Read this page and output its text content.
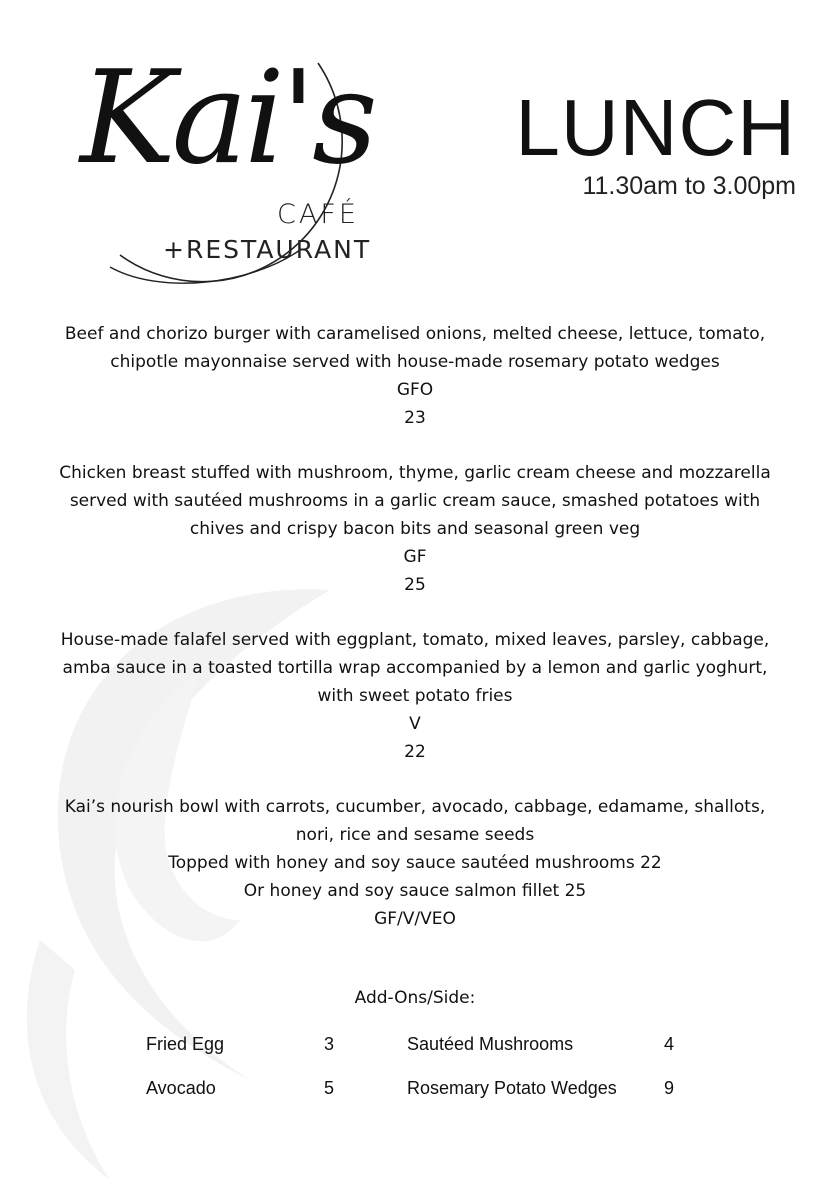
Kai's
CAFÉ
+RESTAURANT
LUNCH
11.30am to 3.00pm
Beef and chorizo burger with caramelised onions, melted cheese, lettuce, tomato,
chipotle mayonnaise served with house-made rosemary potato wedges
GFO
23
Chicken breast stuffed with mushroom, thyme, garlic cream cheese and mozzarella
served with sautéed mushrooms in a garlic cream sauce, smashed potatoes with
chives and crispy bacon bits and seasonal green veg
GF
25
House-made falafel served with eggplant, tomato, mixed leaves, parsley, cabbage,
amba sauce in a toasted tortilla wrap accompanied by a lemon and garlic yoghurt,
with sweet potato fries
V
22
Kai’s nourish bowl with carrots, cucumber, avocado, cabbage, edamame, shallots,
nori, rice and sesame seeds
Topped with honey and soy sauce sautéed mushrooms 22
Or honey and soy sauce salmon fillet 25
GF/V/VEO
Add-Ons/Side:
Fried Egg	3	Sautéed Mushrooms	4
Avocado	5	Rosemary Potato Wedges	9
